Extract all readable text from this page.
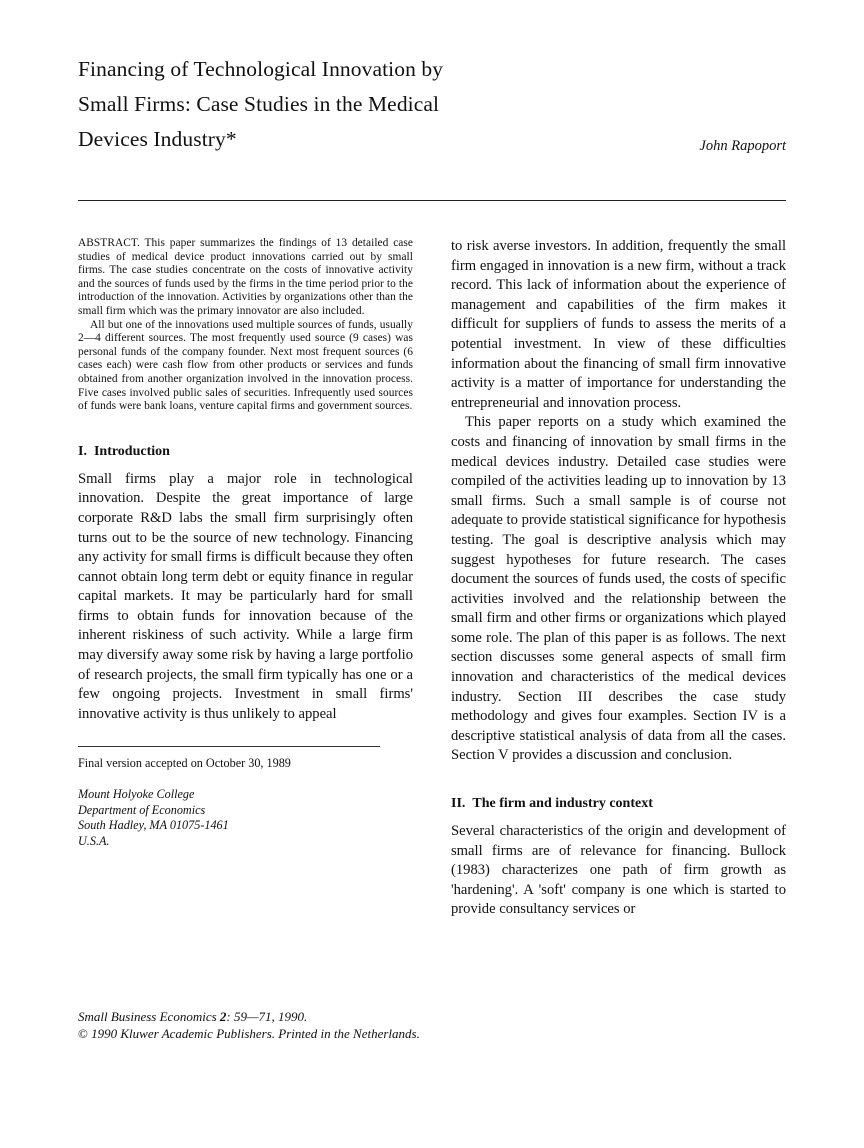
Financing of Technological Innovation by
Small Firms: Case Studies in the Medical
Devices Industry*	John Rapoport

ABSTRACT. This paper summarizes the findings of 13 detailed case studies of medical device product innovations carried out by small firms. The case studies concentrate on the costs of innovative activity and the sources of funds used by the firms in the time period prior to the introduction of the innovation. Activities by organizations other than the small firm which was the primary innovator are also included.

All but one of the innovations used multiple sources of funds, usually 2—4 different sources. The most frequently used source (9 cases) was personal funds of the company founder. Next most frequent sources (6 cases each) were cash flow from other products or services and funds obtained from another organization involved in the innovation process. Five cases involved public sales of securities. Infrequently used sources of funds were bank loans, venture capital firms and government sources.

I. Introduction

Small firms play a major role in technological innovation. Despite the great importance of large corporate R&D labs the small firm surprisingly often turns out to be the source of new technology. Financing any activity for small firms is difficult because they often cannot obtain long term debt or equity finance in regular capital markets. It may be particularly hard for small firms to obtain funds for innovation because of the inherent riskiness of such activity. While a large firm may diversify away some risk by having a large portfolio of research projects, the small firm typically has one or a few ongoing projects. Investment in small firms' innovative activity is thus unlikely to appeal

Final version accepted on October 30, 1989
Mount Holyoke College
Department of Economics
South Hadley, MA 01075-1461
U.S.A.

to risk averse investors. In addition, frequently the small firm engaged in innovation is a new firm, without a track record. This lack of information about the experience of management and capabilities of the firm makes it difficult for suppliers of funds to assess the merits of a potential investment. In view of these difficulties information about the financing of small firm innovative activity is a matter of importance for understanding the entrepreneurial and innovation process.

This paper reports on a study which examined the costs and financing of innovation by small firms in the medical devices industry. Detailed case studies were compiled of the activities leading up to innovation by 13 small firms. Such a small sample is of course not adequate to provide statistical significance for hypothesis testing. The goal is descriptive analysis which may suggest hypotheses for future research. The cases document the sources of funds used, the costs of specific activities involved and the relationship between the small firm and other firms or organizations which played some role. The plan of this paper is as follows. The next section discusses some general aspects of small firm innovation and characteristics of the medical devices industry. Section III describes the case study methodology and gives four examples. Section IV is a descriptive statistical analysis of data from all the cases. Section V provides a discussion and conclusion.

II. The firm and industry context

Several characteristics of the origin and development of small firms are of relevance for financing. Bullock (1983) characterizes one path of firm growth as 'hardening'. A 'soft' company is one which is started to provide consultancy services or

Small Business Economics 2: 59—71, 1990.
© 1990 Kluwer Academic Publishers. Printed in the Netherlands.
